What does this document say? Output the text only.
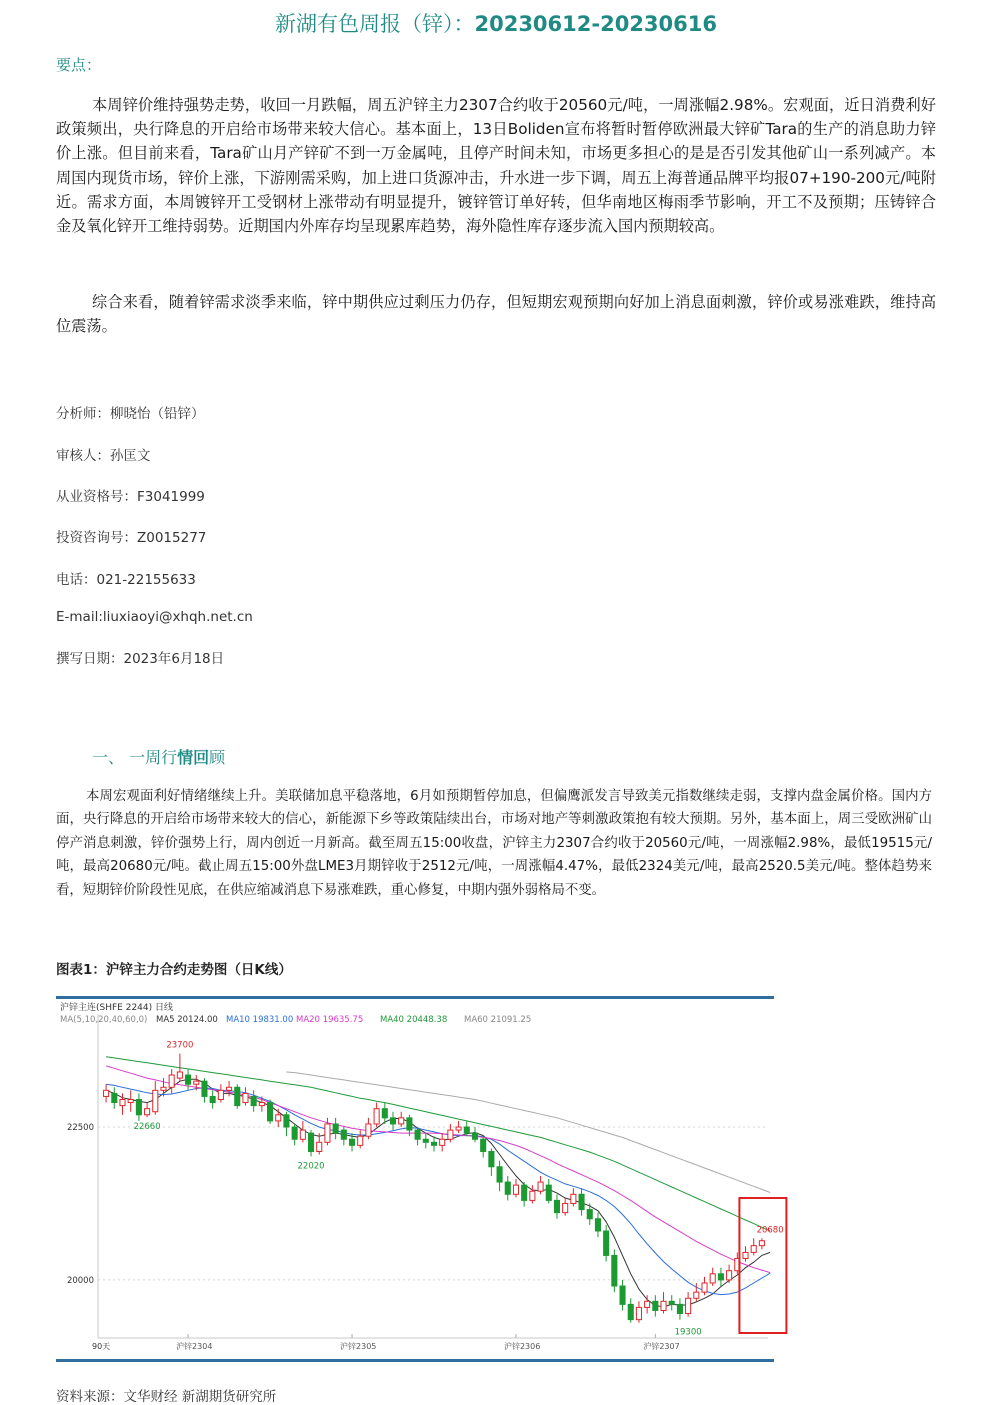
新湖有色周报（锌）：20230612-20230616
要点：

本周锌价维持强势走势，收回一月跌幅，周五沪锌主力2307合约收于20560元/吨，一周涨幅2.98%。宏观面，近日消费利好政策频出，央行降息的开启给市场带来较大信心。基本面上，13日Boliden宣布将暂时暂停欧洲最大锌矿Tara的生产的消息助力锌价上涨。但目前来看，Tara矿山月产锌矿不到一万金属吨，且停产时间未知，市场更多担心的是是否引发其他矿山一系列减产。本周国内现货市场，锌价上涨，下游刚需采购，加上进口货源冲击，升水进一步下调，周五上海普通品牌平均报07+190-200元/吨附近。需求方面，本周镀锌开工受钢材上涨带动有明显提升，镀锌管订单好转，但华南地区梅雨季节影响，开工不及预期；压铸锌合金及氧化锌开工维持弱势。近期国内外库存均呈现累库趋势，海外隐性库存逐步流入国内预期较高。

综合来看，随着锌需求淡季来临，锌中期供应过剩压力仍存，但短期宏观预期向好加上消息面刺激，锌价或易涨难跌，维持高位震荡。

分析师：柳晓怡（铅锌）
审核人：孙匡文
从业资格号：F3041999
投资咨询号：Z0015277
电话：021-22155633
E-mail:liuxiaoyi@xhqh.net.cn
撰写日期：2023年6月18日
一、 一周行情回顾

本周宏观面利好情绪继续上升。美联储加息平稳落地，6月如预期暂停加息，但偏鹰派发言导致美元指数继续走弱，支撑内盘金属价格。国内方面，央行降息的开启给市场带来较大的信心，新能源下乡等政策陆续出台，市场对地产等刺激政策抱有较大预期。另外，基本面上，周三受欧洲矿山停产消息刺激，锌价强势上行，周内创近一月新高。截至周五15:00收盘，沪锌主力2307合约收于20560元/吨，一周涨幅2.98%，最低19515元/吨，最高20680元/吨。截止周五15:00外盘LME3月期锌收于2512元/吨，一周涨幅4.47%，最低2324美元/吨，最高2520.5美元/吨。整体趋势来看，短期锌价阶段性见底，在供应缩减消息下易涨难跌，重心修复，中期内强外弱格局不变。

图表1：沪锌主力合约走势图（日K线）
沪锌主连(SHFE 2244) 日线
MA(5,10,20,40,60,0) MA5 20124.00 MA10 19831.00 MA20 19635.75 MA40 20448.38 MA60 21091.25
22500
20000
沪锌2304	沪锌2305	沪锌2306	沪锌2307
90天
23700
22660
22020
20680
19300
资料来源：文华财经 新湖期货研究所
